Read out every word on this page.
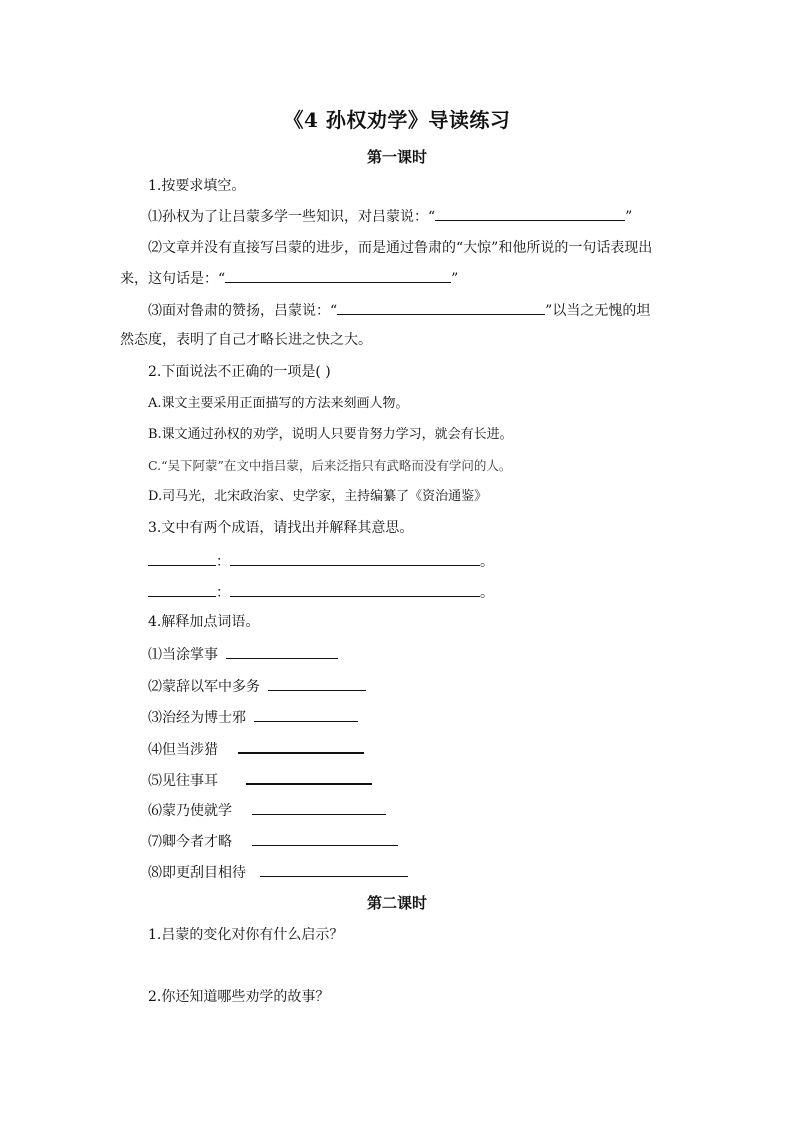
《4 孙权劝学》导读练习
第一课时
1.按要求填空。
⑴孙权为了让吕蒙多学一些知识，对吕蒙说：“	”
⑵文章并没有直接写吕蒙的进步，而是通过鲁肃的“大惊”和他所说的一句话表现出
来，这句话是：“	”
⑶面对鲁肃的赞扬，吕蒙说：“	”以当之无愧的坦
然态度，表明了自己才略长进之快之大。
2.下面说法不正确的一项是( )
A.课文主要采用正面描写的方法来刻画人物。
B.课文通过孙权的劝学，说明人只要肯努力学习，就会有长进。
C.“吴下阿蒙”在文中指吕蒙，后来泛指只有武略而没有学问的人。
D.司马光，北宋政治家、史学家，主持编纂了《资治通鉴》
3.文中有两个成语，请找出并解释其意思。
：	。
：	。
4.解释加点词语。
⑴当涂掌事
⑵蒙辞以军中多务
⑶治经为博士邪
⑷但当涉猎
⑸见往事耳
⑹蒙乃使就学
⑺卿今者才略
⑻即更刮目相待
第二课时
1.吕蒙的变化对你有什么启示？
2.你还知道哪些劝学的故事？
